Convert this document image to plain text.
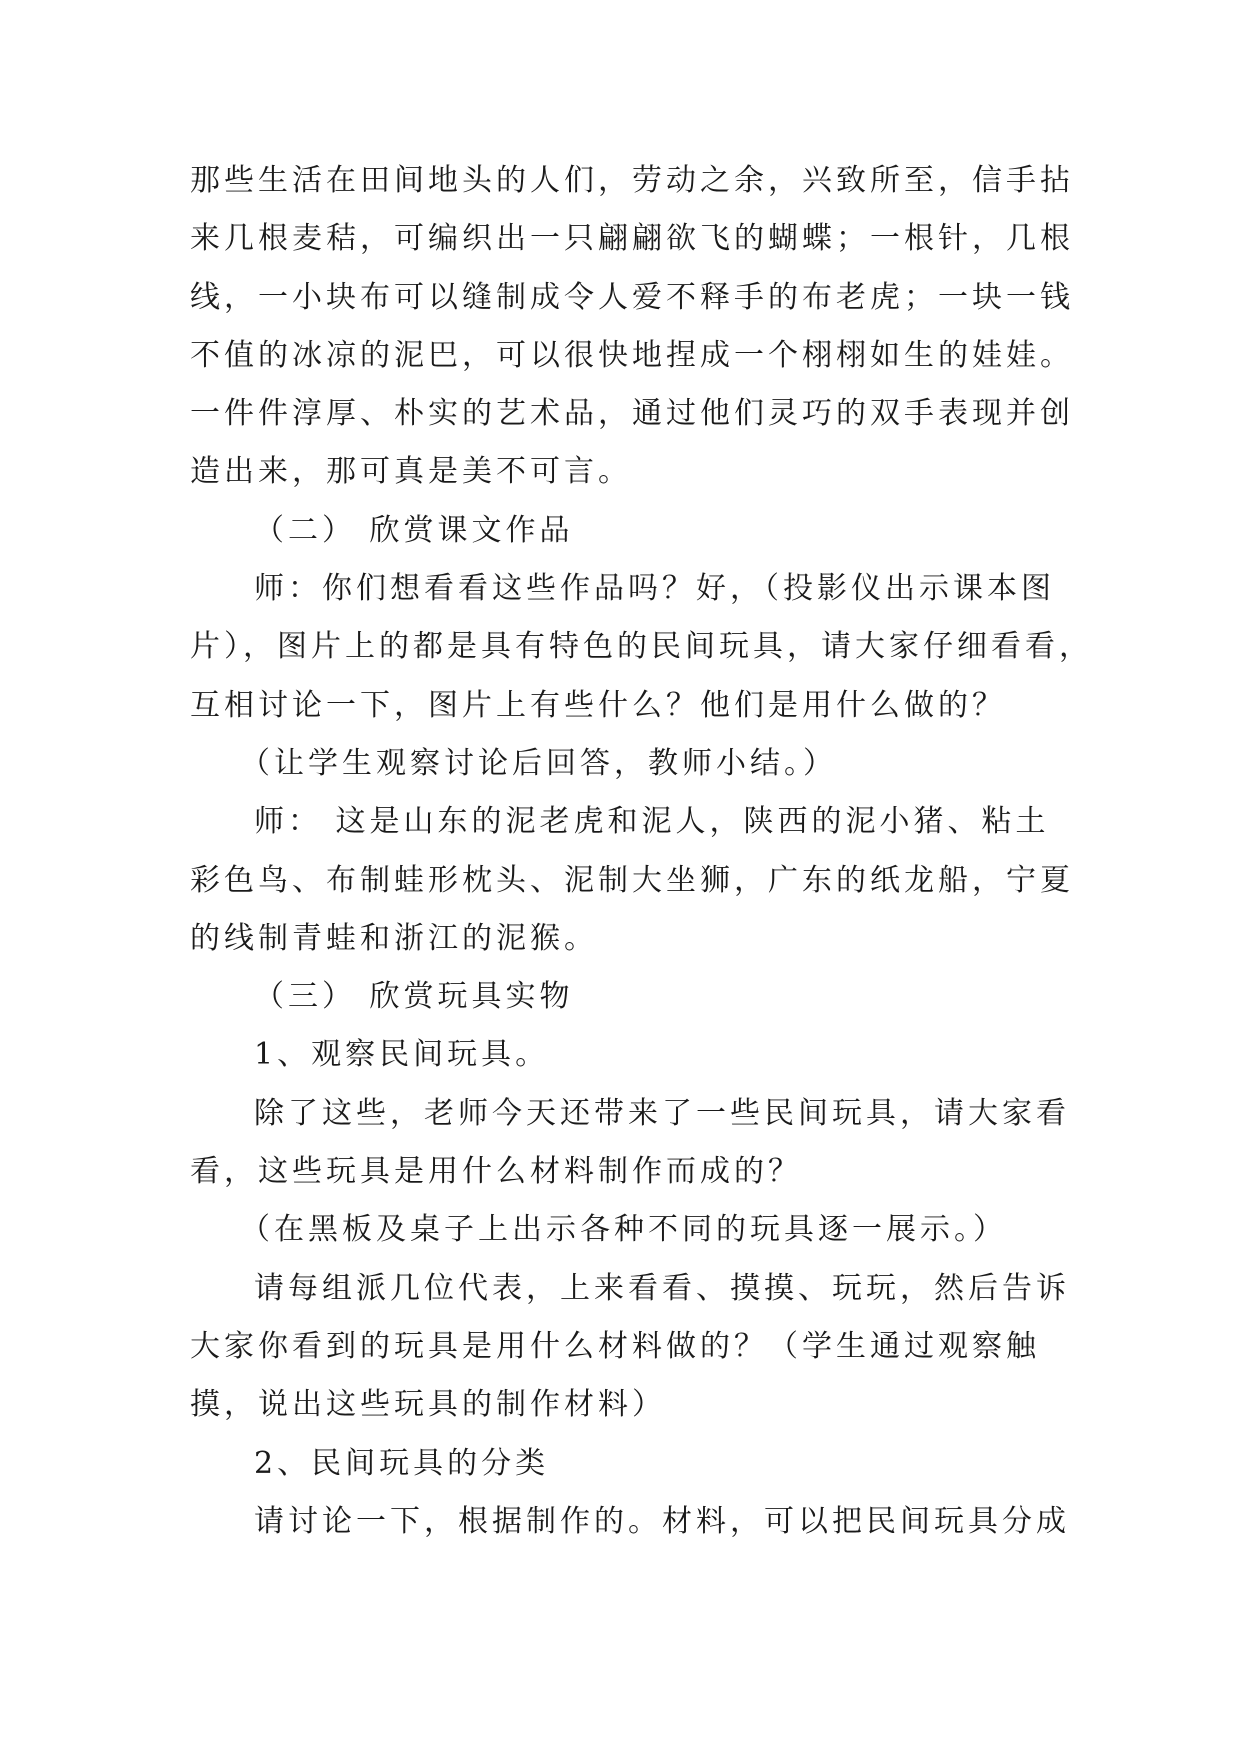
那些生活在田间地头的人们，劳动之余，兴致所至，信手拈
来几根麦秸，可编织出一只翩翩欲飞的蝴蝶；一根针，几根
线，一小块布可以缝制成令人爱不释手的布老虎；一块一钱
不值的冰凉的泥巴，可以很快地捏成一个栩栩如生的娃娃。
一件件淳厚、朴实的艺术品，通过他们灵巧的双手表现并创
造出来，那可真是美不可言。
（二） 欣赏课文作品
师：你们想看看这些作品吗？好，（投影仪出示课本图
片），图片上的都是具有特色的民间玩具，请大家仔细看看，
互相讨论一下，图片上有些什么？他们是用什么做的？
（让学生观察讨论后回答，教师小结。）
师： 这是山东的泥老虎和泥人，陕西的泥小猪、粘土
彩色鸟、布制蛙形枕头、泥制大坐狮，广东的纸龙船，宁夏
的线制青蛙和浙江的泥猴。
（三） 欣赏玩具实物
1、观察民间玩具。
除了这些，老师今天还带来了一些民间玩具，请大家看
看，这些玩具是用什么材料制作而成的？
（在黑板及桌子上出示各种不同的玩具逐一展示。）
请每组派几位代表，上来看看、摸摸、玩玩，然后告诉
大家你看到的玩具是用什么材料做的？（学生通过观察触
摸，说出这些玩具的制作材料）
2、民间玩具的分类
请讨论一下，根据制作的。材料，可以把民间玩具分成
